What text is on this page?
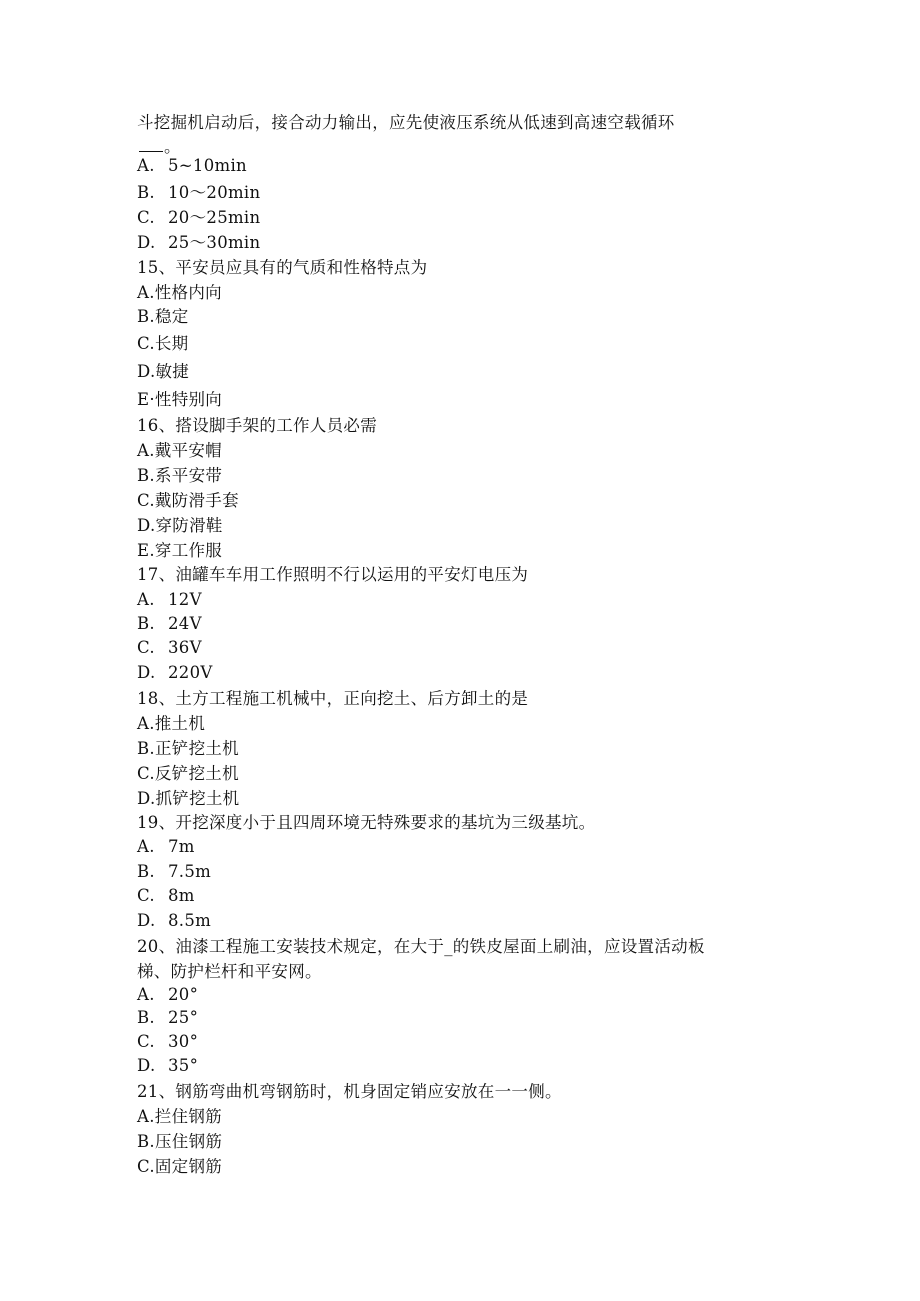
斗挖掘机启动后，接合动力输出，应先使液压系统从低速到高速空载循环
。
A. 5~10min
B. 10～20min
C. 20～25min
D. 25～30min
15、平安员应具有的气质和性格特点为
A.性格内向
B.稳定
C.长期
D.敏捷
E·性特别向
16、搭设脚手架的工作人员必需
A.戴平安帽
B.系平安带
C.戴防滑手套
D.穿防滑鞋
E.穿工作服
17、油罐车车用工作照明不行以运用的平安灯电压为
A. 12V
B. 24V
C. 36V
D. 220V
18、土方工程施工机械中，正向挖土、后方卸土的是
A.推土机
B.正铲挖土机
C.反铲挖土机
D.抓铲挖土机
19、开挖深度小于且四周环境无特殊要求的基坑为三级基坑。
A. 7m
B. 7.5m
C. 8m
D. 8.5m
20、油漆工程施工安装技术规定，在大于_的铁皮屋面上刷油，应设置活动板
梯、防护栏杆和平安网。
A. 20°
B. 25°
C. 30°
D. 35°
21、钢筋弯曲机弯钢筋时，机身固定销应安放在一一侧。
A.拦住钢筋
B.压住钢筋
C.固定钢筋
